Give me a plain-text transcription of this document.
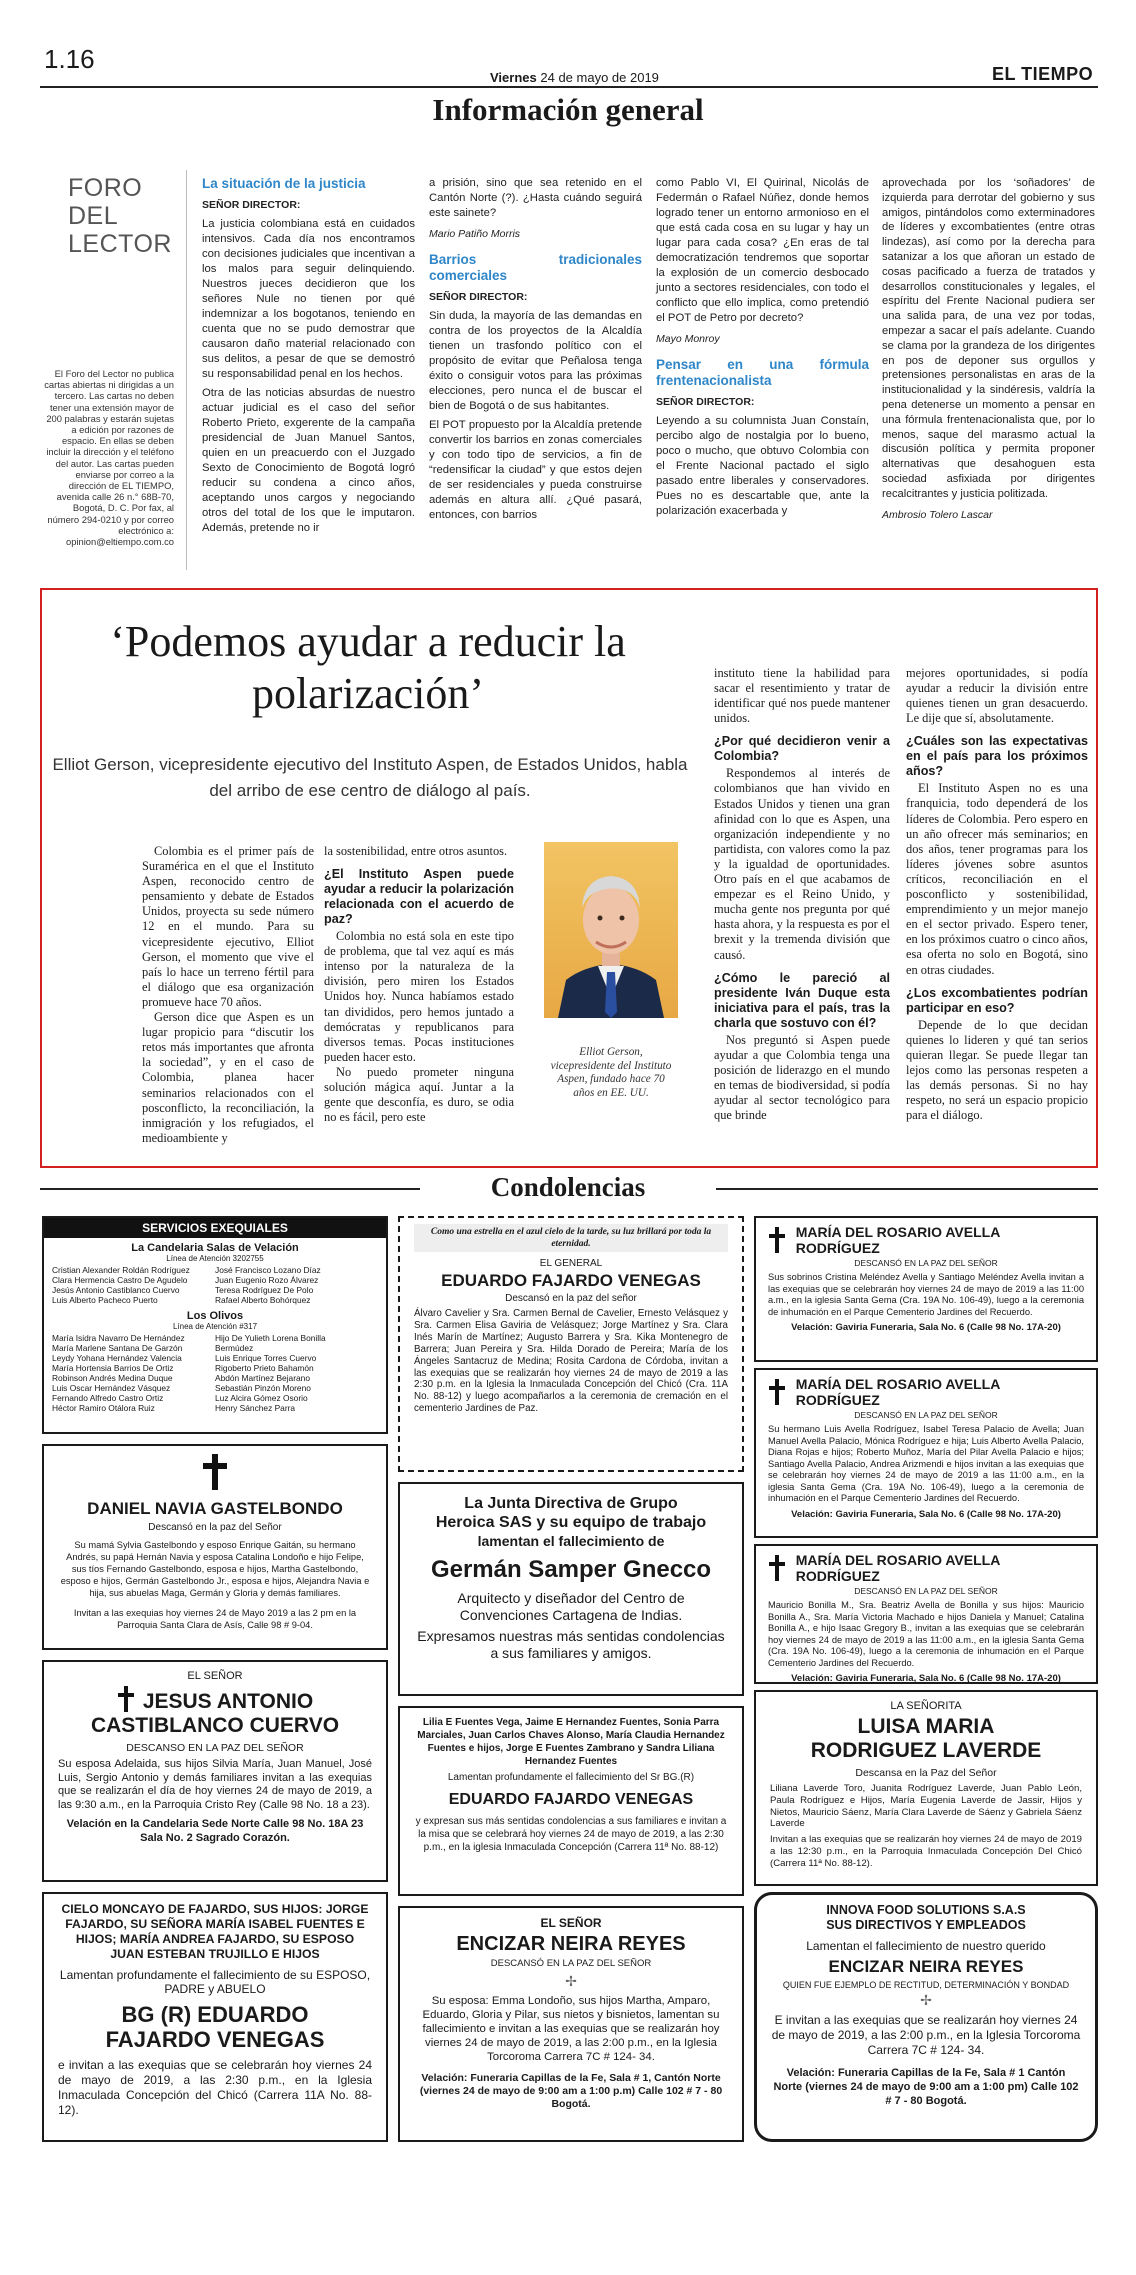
1.16
Viernes 24 de mayo de 2019	EL TIEMPO
Información general
FORO DEL
LECTOR
El Foro del Lector no publica cartas abiertas ni dirigidas a un tercero. Las cartas no deben tener una extensión mayor de 200 palabras y estarán sujetas a edición por razones de espacio. En ellas se deben incluir la dirección y el teléfono del autor. Las cartas pueden enviarse por correo a la dirección de EL TIEMPO, avenida calle 26 n.° 68B-70, Bogotá, D. C. Por fax, al número 294-0210 y por correo electrónico a: opinion@eltiempo.com.co
La situación de la justicia
SEÑOR DIRECTOR:
La justicia colombiana está en cuidados intensivos. Cada día nos encontramos con decisiones judiciales que incentivan a los malos para seguir delinquiendo. Nuestros jueces decidieron que los señores Nule no tienen por qué indemnizar a los bogotanos, teniendo en cuenta que no se pudo demostrar que causaron daño material relacionado con sus delitos, a pesar de que se demostró su responsabilidad penal en los hechos.
Otra de las noticias absurdas de nuestro actuar judicial es el caso del señor Roberto Prieto, exgerente de la campaña presidencial de Juan Manuel Santos, quien en un preacuerdo con el Juzgado Sexto de Conocimiento de Bogotá logró reducir su condena a cinco años, aceptando unos cargos y negociando otros del total de los que le imputaron. Además, pretende no ir
a prisión, sino que sea retenido en el Cantón Norte (?). ¿Hasta cuándo seguirá este sainete?
Mario Patiño Morris
Barrios tradicionales comerciales
SEÑOR DIRECTOR:
Sin duda, la mayoría de las demandas en contra de los proyectos de la Alcaldía tienen un trasfondo político con el propósito de evitar que Peñalosa tenga éxito o consiguir votos para las próximas elecciones, pero nunca el de buscar el bien de Bogotá o de sus habitantes.
El POT propuesto por la Alcaldía pretende convertir los barrios en zonas comerciales y con todo tipo de servicios, a fin de “redensificar la ciudad” y que estos dejen de ser residenciales y pueda construirse además en altura allí. ¿Qué pasará, entonces, con barrios
como Pablo VI, El Quirinal, Nicolás de Federmán o Rafael Núñez, donde hemos logrado tener un entorno armonioso en el que está cada cosa en su lugar y hay un lugar para cada cosa? ¿En eras de tal democratización tendremos que soportar la explosión de un comercio desbocado junto a sectores residenciales, con todo el conflicto que ello implica, como pretendió el POT de Petro por decreto?
Mayo Monroy
Pensar en una fórmula frentenacionalista
SEÑOR DIRECTOR:
Leyendo a su columnista Juan Constaín, percibo algo de nostalgia por lo bueno, poco o mucho, que obtuvo Colombia con el Frente Nacional pactado el siglo pasado entre liberales y conservadores. Pues no es descartable que, ante la polarización exacerbada y
aprovechada por los ‘soñadores’ de izquierda para derrotar del gobierno y sus amigos, pintándolos como exterminadores de líderes y excombatientes (entre otras lindezas), así como por la derecha para satanizar a los que añoran un estado de cosas pacificado a fuerza de tratados y desarrollos constitucionales y legales, el espíritu del Frente Nacional pudiera ser una salida para, de una vez por todas, empezar a sacar el país adelante. Cuando se clama por la grandeza de los dirigentes en pos de deponer sus orgullos y pretensiones personalistas en aras de la institucionalidad y la sindéresis, valdría la pena detenerse un momento a pensar en una fórmula frentenacionalista que, por lo menos, saque del marasmo actual la discusión política y permita proponer alternativas que desahoguen esta sociedad asfixiada por dirigentes recalcitrantes y justicia politizada.
Ambrosio Tolero Lascar
‘Podemos ayudar a reducir la polarización’
Elliot Gerson, vicepresidente ejecutivo del Instituto Aspen, de Estados Unidos, habla del arribo de ese centro de diálogo al país.
Colombia es el primer país de Suramérica en el que el Instituto Aspen, reconocido centro de pensamiento y debate de Estados Unidos, proyecta su sede número 12 en el mundo. Para su vicepresidente ejecutivo, Elliot Gerson, el momento que vive el país lo hace un terreno fértil para el diálogo que esa organización promueve hace 70 años.
Gerson dice que Aspen es un lugar propicio para “discutir los retos más importantes que afronta la sociedad”, y en el caso de Colombia, planea hacer seminarios relacionados con el posconflicto, la reconciliación, la inmigración y los refugiados, el medioambiente y
la sostenibilidad, entre otros asuntos.
¿El Instituto Aspen puede ayudar a reducir la polarización relacionada con el acuerdo de paz?
Colombia no está sola en este tipo de problema, que tal vez aquí es más intenso por la naturaleza de la división, pero miren los Estados Unidos hoy. Nunca habíamos estado tan divididos, pero hemos juntado a demócratas y republicanos para diversos temas. Pocas instituciones pueden hacer esto.
No puedo prometer ninguna solución mágica aquí. Juntar a la gente que desconfía, es duro, se odia no es fácil, pero este
Elliot Gerson, vicepresidente del Instituto Aspen, fundado hace 70 años en EE. UU.
instituto tiene la habilidad para sacar el resentimiento y tratar de identificar qué nos puede mantener unidos.
¿Por qué decidieron venir a Colombia?
Respondemos al interés de colombianos que han vivido en Estados Unidos y tienen una gran afinidad con lo que es Aspen, una organización independiente y no partidista, con valores como la paz y la igualdad de oportunidades. Otro país en el que acabamos de empezar es el Reino Unido, y mucha gente nos pregunta por qué hasta ahora, y la respuesta es por el brexit y la tremenda división que causó.
¿Cómo le pareció al presidente Iván Duque esta iniciativa para el país, tras la charla que sostuvo con él?
Nos preguntó si Aspen puede ayudar a que Colombia tenga una posición de liderazgo en el mundo en temas de biodiversidad, si podía ayudar al sector tecnológico para que brinde
mejores oportunidades, si podía ayudar a reducir la división entre quienes tienen un gran desacuerdo. Le dije que sí, absolutamente.
¿Cuáles son las expectativas en el país para los próximos años?
El Instituto Aspen no es una franquicia, todo dependerá de los líderes de Colombia. Pero espero en un año ofrecer más seminarios; en dos años, tener programas para los líderes jóvenes sobre asuntos críticos, reconciliación en el posconflicto y sostenibilidad, emprendimiento y un mejor manejo en el sector privado. Espero tener, en los próximos cuatro o cinco años, esa oferta no solo en Bogotá, sino en otras ciudades.
¿Los excombatientes podrían participar en eso?
Depende de lo que decidan quienes lo lideren y qué tan serios quieran llegar. Se puede llegar tan lejos como las personas respeten a las demás personas. Si no hay respeto, no será un espacio propicio para el diálogo.
Condolencias
SERVICIOS EXEQUIALES
La Candelaria Salas de Velación
Línea de Atención 3202755
Cristian Alexander Roldán Rodríguez
Clara Hermencia Castro De Agudelo
Jesús Antonio Castiblanco Cuervo
Luis Alberto Pacheco Puerto
José Francisco Lozano Díaz
Juan Eugenio Rozo Álvarez
Teresa Rodríguez De Polo
Rafael Alberto Bohórquez
Los Olivos
Línea de Atención #317
María Isidra Navarro De Hernández
María Marlene Santana De Garzón
Leydy Yohana Hernández Valencia
María Hortensia Barrios De Ortiz
Robinson Andrés Medina Duque
Luis Oscar Hernández Vásquez
Fernando Alfredo Castro Ortiz
Héctor Ramiro Otálora Ruiz
Hijo De Yulieth Lorena Bonilla
Bermúdez
Luis Enrique Torres Cuervo
Rigoberto Prieto Bahamón
Abdón Martínez Bejarano
Sebastián Pinzón Moreno
Luz Alcira Gómez Osorio
Henry Sánchez Parra
DANIEL NAVIA GASTELBONDO
Descansó en la paz del Señor
Su mamá Sylvia Gastelbondo y esposo Enrique Gaitán, su hermano Andrés, su papá Hernán Navia y esposa Catalina Londoño e hijo Felipe, sus tíos Fernando Gastelbondo, esposa e hijos, Martha Gastelbondo, esposo e hijos, Germán Gastelbondo Jr., esposa e hijos, Alejandra Navia e hija, sus abuelas Maga, Germán y Gloria y demás familiares.
Invitan a las exequias hoy viernes 24 de Mayo 2019 a las 2 pm en la Parroquia Santa Clara de Asís, Calle 98 # 9-04.
EL SEÑOR
JESUS ANTONIO
CASTIBLANCO CUERVO
DESCANSO EN LA PAZ DEL SEÑOR
Su esposa Adelaida, sus hijos Silvia María, Juan Manuel, José Luis, Sergio Antonio y demás familiares invitan a las exequias que se realizarán el día de hoy viernes 24 de mayo de 2019, a las 9:30 a.m., en la Parroquia Cristo Rey (Calle 98 No. 18 a 23).
Velación en la Candelaria Sede Norte Calle 98 No. 18A 23 Sala No. 2 Sagrado Corazón.
CIELO MONCAYO DE FAJARDO, SUS HIJOS: JORGE FAJARDO, SU SEÑORA MARÍA ISABEL FUENTES E HIJOS; MARÍA ANDREA FAJARDO, SU ESPOSO JUAN ESTEBAN TRUJILLO E HIJOS
Lamentan profundamente el fallecimiento de su ESPOSO, PADRE y ABUELO
BG (R) EDUARDO
FAJARDO VENEGAS
e invitan a las exequias que se celebrarán hoy viernes 24 de mayo de 2019, a las 2:30 p.m., en la Iglesia Inmaculada Concepción del Chicó (Carrera 11A No. 88-12).
Como una estrella en el azul cielo de la tarde, su luz brillará por toda la eternidad.
EL GENERAL
EDUARDO FAJARDO VENEGAS
Descansó en la paz del señor
Álvaro Cavelier y Sra. Carmen Bernal de Cavelier, Ernesto Velásquez y Sra. Carmen Elisa Gaviria de Velásquez; Jorge Martínez y Sra. Clara Inés Marín de Martínez; Augusto Barrera y Sra. Kika Montenegro de Barrera; Juan Pereira y Sra. Hilda Dorado de Pereira; María de los Ángeles Santacruz de Medina; Rosita Cardona de Córdoba, invitan a las exequias que se realizarán hoy viernes 24 de mayo de 2019 a las 2:30 p.m. en la Iglesia la Inmaculada Concepción del Chicó (Cra. 11A No. 88-12) y luego acompañarlos a la ceremonia de cremación en el cementerio Jardines de Paz.
La Junta Directiva de Grupo
Heroica SAS y su equipo de trabajo
lamentan el fallecimiento de
Germán Samper Gnecco
Arquitecto y diseñador del Centro de Convenciones Cartagena de Indias.
Expresamos nuestras más sentidas condolencias a sus familiares y amigos.
Lilia E Fuentes Vega, Jaime E Hernandez Fuentes, Sonia Parra Marciales, Juan Carlos Chaves Alonso, María Claudia Hernandez Fuentes e hijos, Jorge E Fuentes Zambrano y Sandra Liliana Hernandez Fuentes
Lamentan profundamente el fallecimiento del Sr BG.(R)
EDUARDO FAJARDO VENEGAS
y expresan sus más sentidas condolencias a sus familiares e invitan a la misa que se celebrará hoy viernes 24 de mayo de 2019, a las 2:30 p.m., en la iglesia Inmaculada Concepción (Carrera 11ª No. 88-12)
EL SEÑOR
ENCIZAR NEIRA REYES
DESCANSÓ EN LA PAZ DEL SEÑOR
✢
Su esposa: Emma Londoño, sus hijos Martha, Amparo, Eduardo, Gloria y Pilar, sus nietos y bisnietos, lamentan su fallecimiento e invitan a las exequias que se realizarán hoy viernes 24 de mayo de 2019, a las 2:00 p.m., en la Iglesia Torcoroma Carrera 7C # 124- 34.
Velación: Funeraria Capillas de la Fe, Sala # 1, Cantón Norte (viernes 24 de mayo de 9:00 am a 1:00 p.m) Calle 102 # 7 - 80 Bogotá.
MARÍA DEL ROSARIO AVELLA RODRÍGUEZ
DESCANSÓ EN LA PAZ DEL SEÑOR
Sus sobrinos Cristina Meléndez Avella y Santiago Meléndez Avella invitan a las exequias que se celebrarán hoy viernes 24 de mayo de 2019 a las 11:00 a.m., en la iglesia Santa Gema (Cra. 19A No. 106-49), luego a la ceremonia de inhumación en el Parque Cementerio Jardines del Recuerdo.
Velación: Gaviria Funeraria, Sala No. 6 (Calle 98 No. 17A-20)
MARÍA DEL ROSARIO AVELLA RODRÍGUEZ
DESCANSÓ EN LA PAZ DEL SEÑOR
Su hermano Luis Avella Rodríguez, Isabel Teresa Palacio de Avella; Juan Manuel Avella Palacio, Mónica Rodríguez e hija; Luis Alberto Avella Palacio, Diana Rojas e hijos; Roberto Muñoz, María del Pilar Avella Palacio e hijos; Santiago Avella Palacio, Andrea Arizmendi e hijos invitan a las exequias que se celebrarán hoy viernes 24 de mayo de 2019 a las 11:00 a.m., en la iglesia Santa Gema (Cra. 19A No. 106-49), luego a la ceremonia de inhumación en el Parque Cementerio Jardines del Recuerdo.
Velación: Gaviria Funeraria, Sala No. 6 (Calle 98 No. 17A-20)
MARÍA DEL ROSARIO AVELLA RODRÍGUEZ
DESCANSÓ EN LA PAZ DEL SEÑOR
Mauricio Bonilla M., Sra. Beatriz Avella de Bonilla y sus hijos: Mauricio Bonilla A., Sra. María Victoria Machado e hijos Daniela y Manuel; Catalina Bonilla A., e hijo Isaac Gregory B., invitan a las exequias que se celebrarán hoy viernes 24 de mayo de 2019 a las 11:00 a.m., en la iglesia Santa Gema (Cra. 19A No. 106-49), luego a la ceremonia de inhumación en el Parque Cementerio Jardines del Recuerdo.
Velación: Gaviria Funeraria, Sala No. 6 (Calle 98 No. 17A-20)
LA SEÑORITA
LUISA MARIA
RODRIGUEZ LAVERDE
Descansa en la Paz del Señor
Liliana Laverde Toro, Juanita Rodríguez Laverde, Juan Pablo León, Paula Rodríguez e Hijos, María Eugenia Laverde de Jassir, Hijos y Nietos, Mauricio Sáenz, María Clara Laverde de Sáenz y Gabriela Sáenz Laverde
Invitan a las exequias que se realizarán hoy viernes 24 de mayo de 2019 a las 12:30 p.m., en la Parroquia Inmaculada Concepción Del Chicó (Carrera 11ª No. 88-12).
INNOVA FOOD SOLUTIONS S.A.S
SUS DIRECTIVOS Y EMPLEADOS
Lamentan el fallecimiento de nuestro querido
ENCIZAR NEIRA REYES
QUIEN FUE EJEMPLO DE RECTITUD, DETERMINACIÓN Y BONDAD
✢
E invitan a las exequias que se realizarán hoy viernes 24 de mayo de 2019, a las 2:00 p.m., en la Iglesia Torcoroma Carrera 7C # 124- 34.
Velación: Funeraria Capillas de la Fe, Sala # 1 Cantón Norte (viernes 24 de mayo de 9:00 am a 1:00 pm) Calle 102 # 7 - 80 Bogotá.
